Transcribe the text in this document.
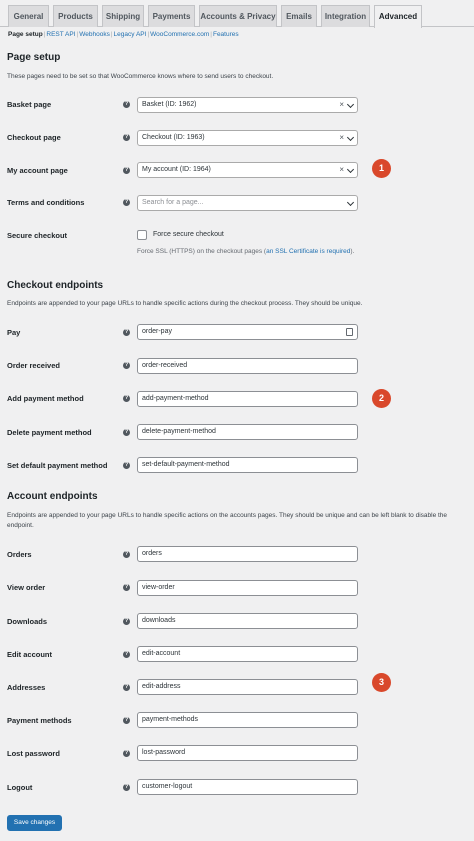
General	Products	Shipping	Payments	Accounts & Privacy	Emails	Integration	Advanced
Page setup|REST API|Webhooks|Legacy API|WooCommerce.com|Features
Page setup
These pages need to be set so that WooCommerce knows where to send users to checkout.
Basket page	?	Basket (ID: 1962)	×
Checkout page	?	Checkout (ID: 1963)	×
My account page	?	My account (ID: 1964)	×	1
Terms and conditions	?	Search for a page...
Secure checkout	Force secure checkout
Force SSL (HTTPS) on the checkout pages (an SSL Certificate is required).
Checkout endpoints
Endpoints are appended to your page URLs to handle specific actions during the checkout process. They should be unique.
Pay	?	order-pay
Order received	?	order-received
Add payment method	?	add-payment-method	2
Delete payment method	?	delete-payment-method
Set default payment method	?	set-default-payment-method
Account endpoints
Endpoints are appended to your page URLs to handle specific actions on the accounts pages. They should be unique and can be left blank to disable the endpoint.
Orders	?	orders
View order	?	view-order
Downloads	?	downloads
Edit account	?	edit-account
Addresses	?	edit-address	3
Payment methods	?	payment-methods
Lost password	?	lost-password
Logout	?	customer-logout
Save changes
